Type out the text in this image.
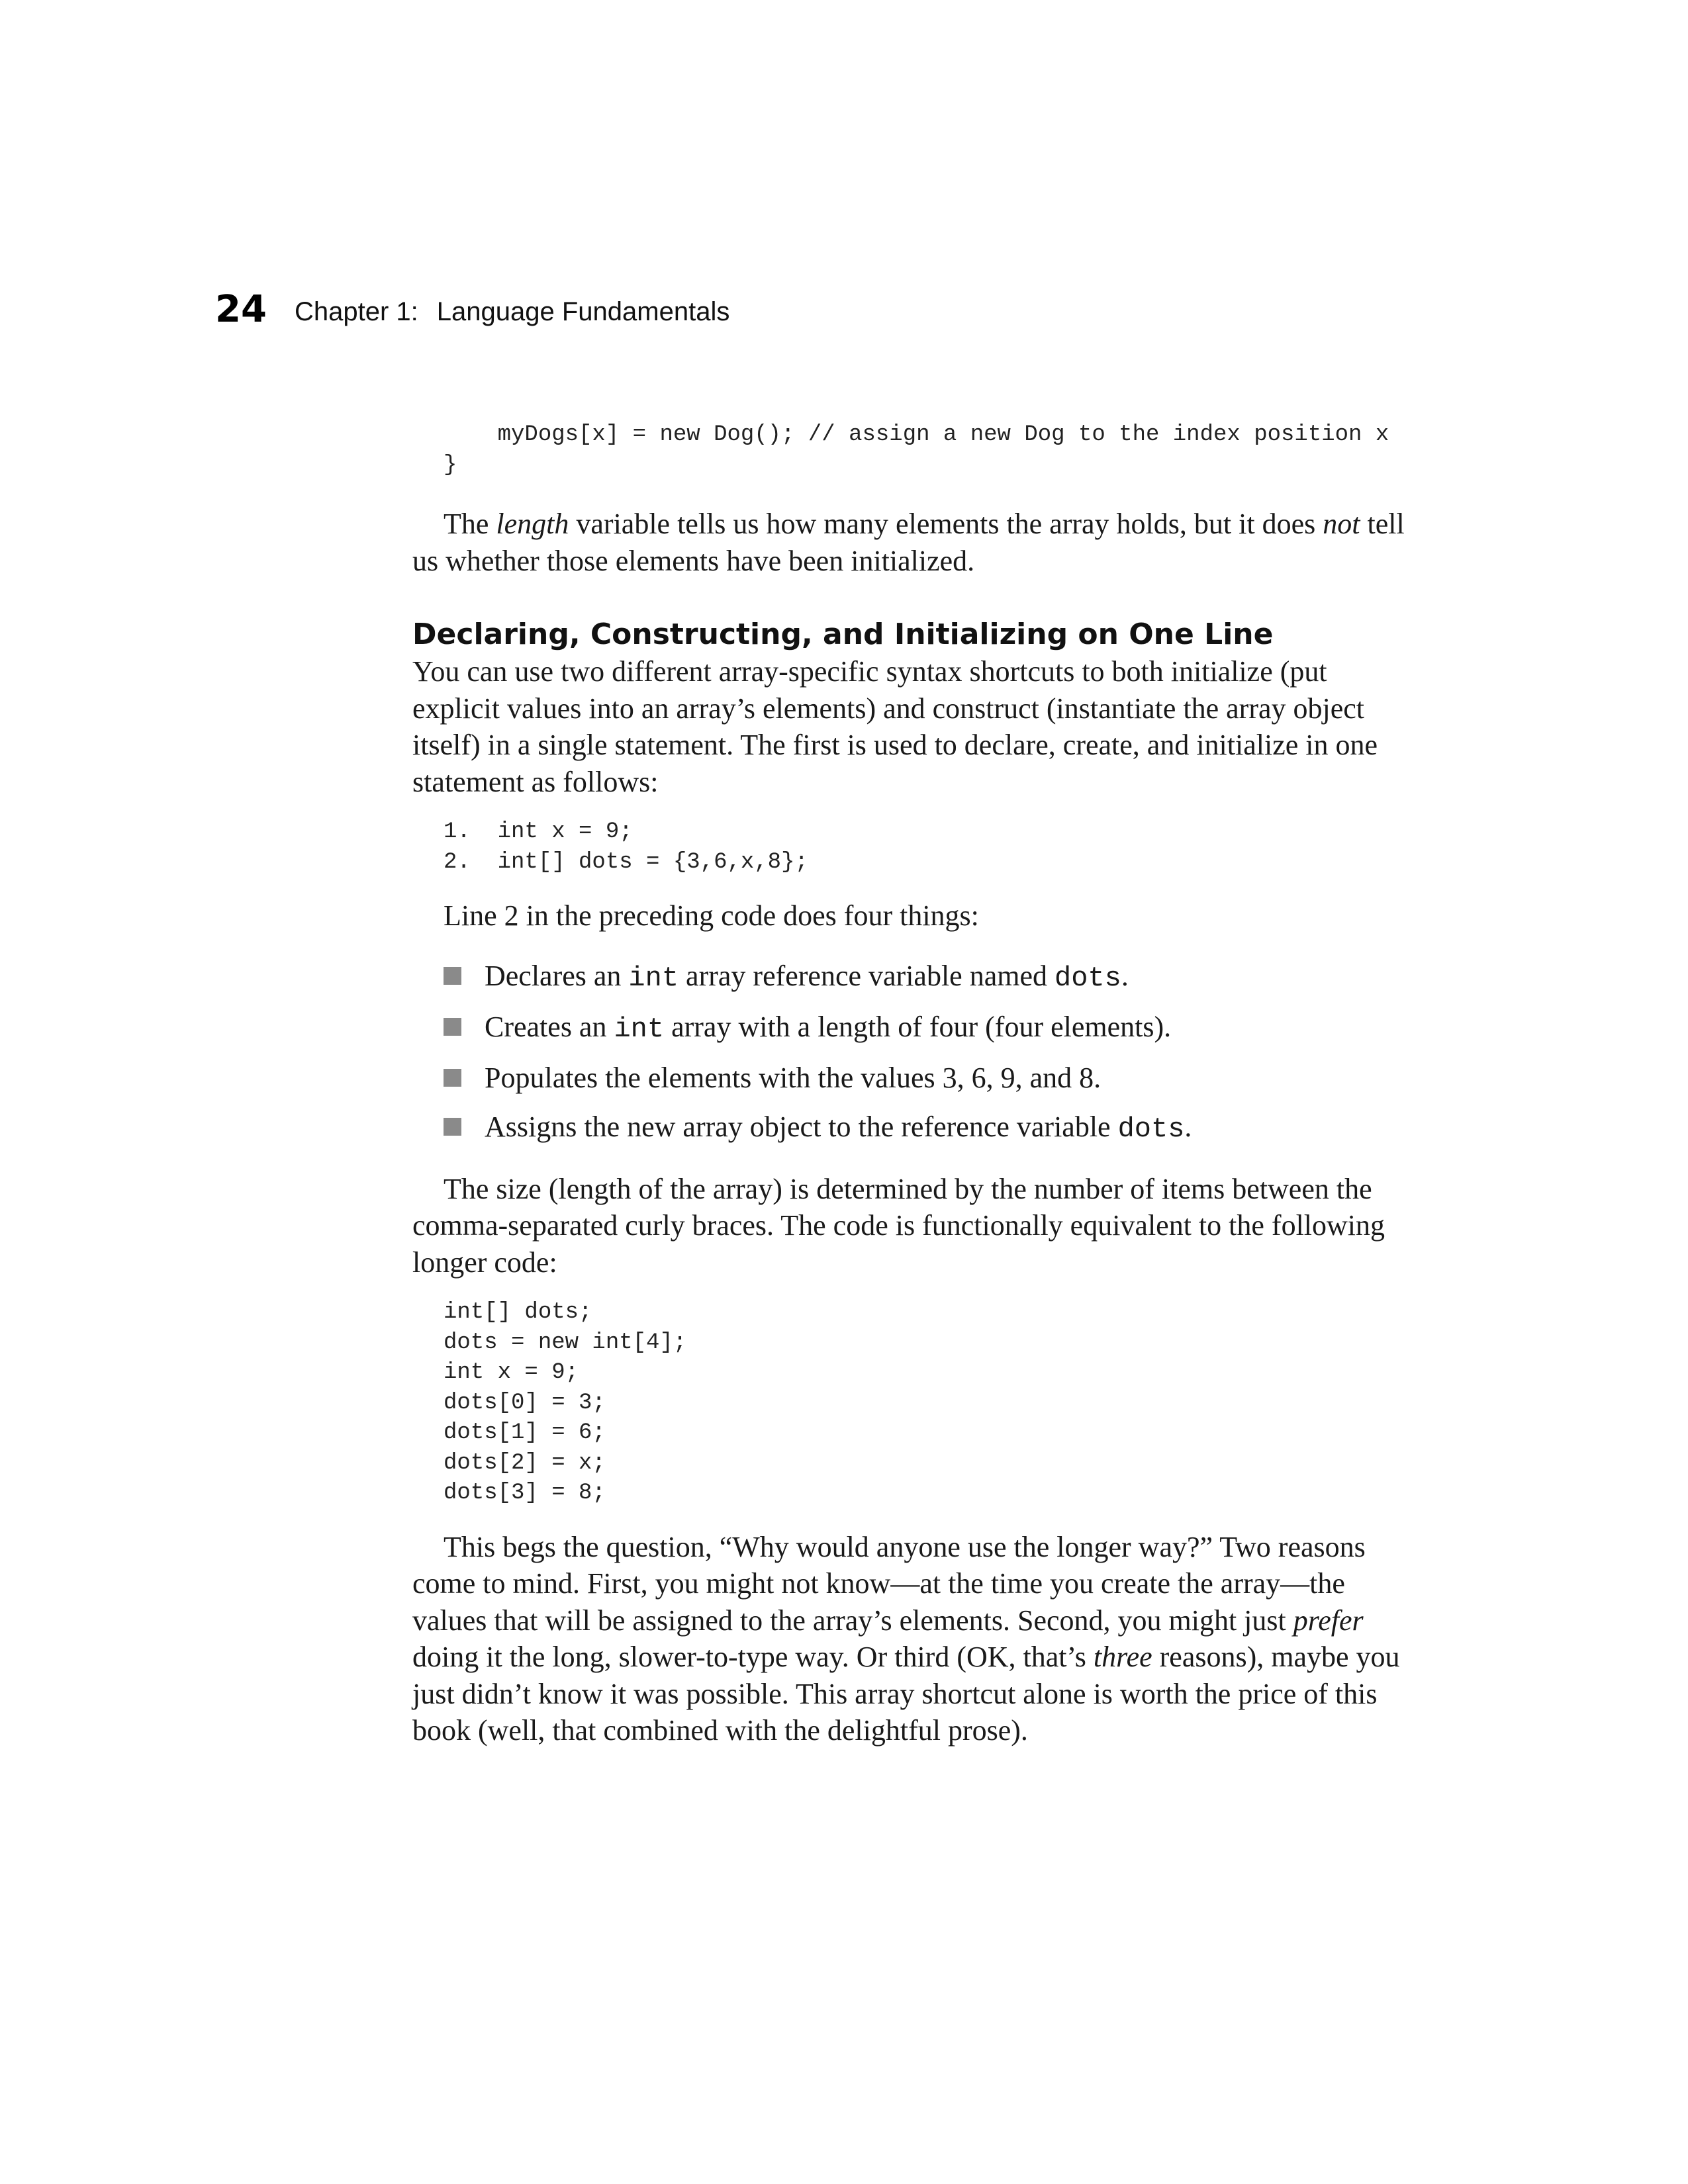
24 Chapter 1: Language Fundamentals
myDogs[x] = new Dog(); // assign a new Dog to the index position x
}

The length variable tells us how many elements the array holds, but it does not tell us whether those elements have been initialized.

Declaring, Constructing, and Initializing on One Line

You can use two different array-specific syntax shortcuts to both initialize (put explicit values into an array’s elements) and construct (instantiate the array object itself) in a single statement. The first is used to declare, create, and initialize in one statement as follows:

1.  int x = 9;
2.  int[] dots = {3,6,x,8};

Line 2 in the preceding code does four things:

Declares an int array reference variable named dots.
Creates an int array with a length of four (four elements).
Populates the elements with the values 3, 6, 9, and 8.
Assigns the new array object to the reference variable dots.

The size (length of the array) is determined by the number of items between the comma-separated curly braces. The code is functionally equivalent to the following longer code:

int[] dots;
dots = new int[4];
int x = 9;
dots[0] = 3;
dots[1] = 6;
dots[2] = x;
dots[3] = 8;

This begs the question, “Why would anyone use the longer way?” Two reasons come to mind. First, you might not know—at the time you create the array—the values that will be assigned to the array’s elements. Second, you might just prefer doing it the long, slower-to-type way. Or third (OK, that’s three reasons), maybe you just didn’t know it was possible. This array shortcut alone is worth the price of this book (well, that combined with the delightful prose).
